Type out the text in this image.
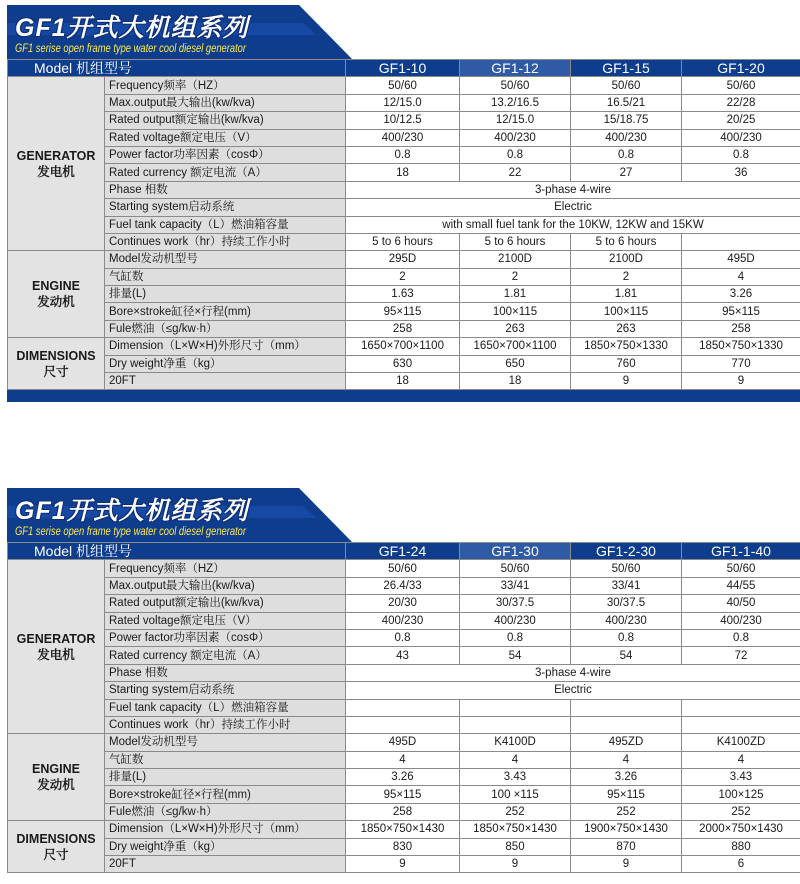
GF1开式大机组系列
GF1 serise open frame type water cool diesel generator
Model 机组型号		GF1-10	GF1-12	GF1-15	GF1-20

GENERATOR
发电机	Frequency频率（HZ）	50/60	50/60	50/60	50/60
	Max.output最大输出(kw/kva)	12/15.0	13.2/16.5	16.5/21	22/28
	Rated output额定输出(kw/kva)	10/12.5	12/15.0	15/18.75	20/25
	Rated voltage额定电压（V）	400/230	400/230	400/230	400/230
	Power factor功率因素（cosΦ）	0.8	0.8	0.8	0.8
	Rated currency 额定电流（A）	18	22	27	36
	Phase 相数	3-phase 4-wire			
	Starting system启动系统	Electric			
	Fuel tank capacity（L）燃油箱容量	with small fuel tank for the 10KW, 12KW and 15KW			
	Continues work（hr）持续工作小时	5 to 6 hours	5 to 6 hours	5 to 6 hours	

ENGINE
发动机	Model发动机型号	295D	2100D	2100D	495D
	气缸数	2	2	2	4
	排量(L)	1.63	1.81	1.81	3.26
	Bore×stroke缸径×行程(mm)	95×115	100×115	100×115	95×115
	Fule燃油（≤g/kw·h）	258	263	263	258

DIMENSIONS
尺寸	Dimension（L×W×H)外形尺寸（mm）	1650×700×1100	1650×700×1100	1850×750×1330	1850×750×1330
	Dry weight净重（kg）	630	650	760	770
	20FT	18	18	9	9
GF1开式大机组系列
GF1 serise open frame type water cool diesel generator
Model 机组型号		GF1-24	GF1-30	GF1-2-30	GF1-1-40

GENERATOR
发电机	Frequency频率（HZ）	50/60	50/60	50/60	50/60
	Max.output最大输出(kw/kva)	26.4/33	33/41	33/41	44/55
	Rated output额定输出(kw/kva)	20/30	30/37.5	30/37.5	40/50
	Rated voltage额定电压（V）	400/230	400/230	400/230	400/230
	Power factor功率因素（cosΦ）	0.8	0.8	0.8	0.8
	Rated currency 额定电流（A）	43	54	54	72
	Phase 相数	3-phase 4-wire			
	Starting system启动系统	Electric			
	Fuel tank capacity（L）燃油箱容量				
	Continues work（hr）持续工作小时				

ENGINE
发动机	Model发动机型号	495D	K4100D	495ZD	K4100ZD
	气缸数	4	4	4	4
	排量(L)	3.26	3.43	3.26	3.43
	Bore×stroke缸径×行程(mm)	95×115	100 ×115	95×115	100×125
	Fule燃油（≤g/kw·h）	258	252	252	252

DIMENSIONS
尺寸	Dimension（L×W×H)外形尺寸（mm）	1850×750×1430	1850×750×1430	1900×750×1430	2000×750×1430
	Dry weight净重（kg）	830	850	870	880
	20FT	9	9	9	6
